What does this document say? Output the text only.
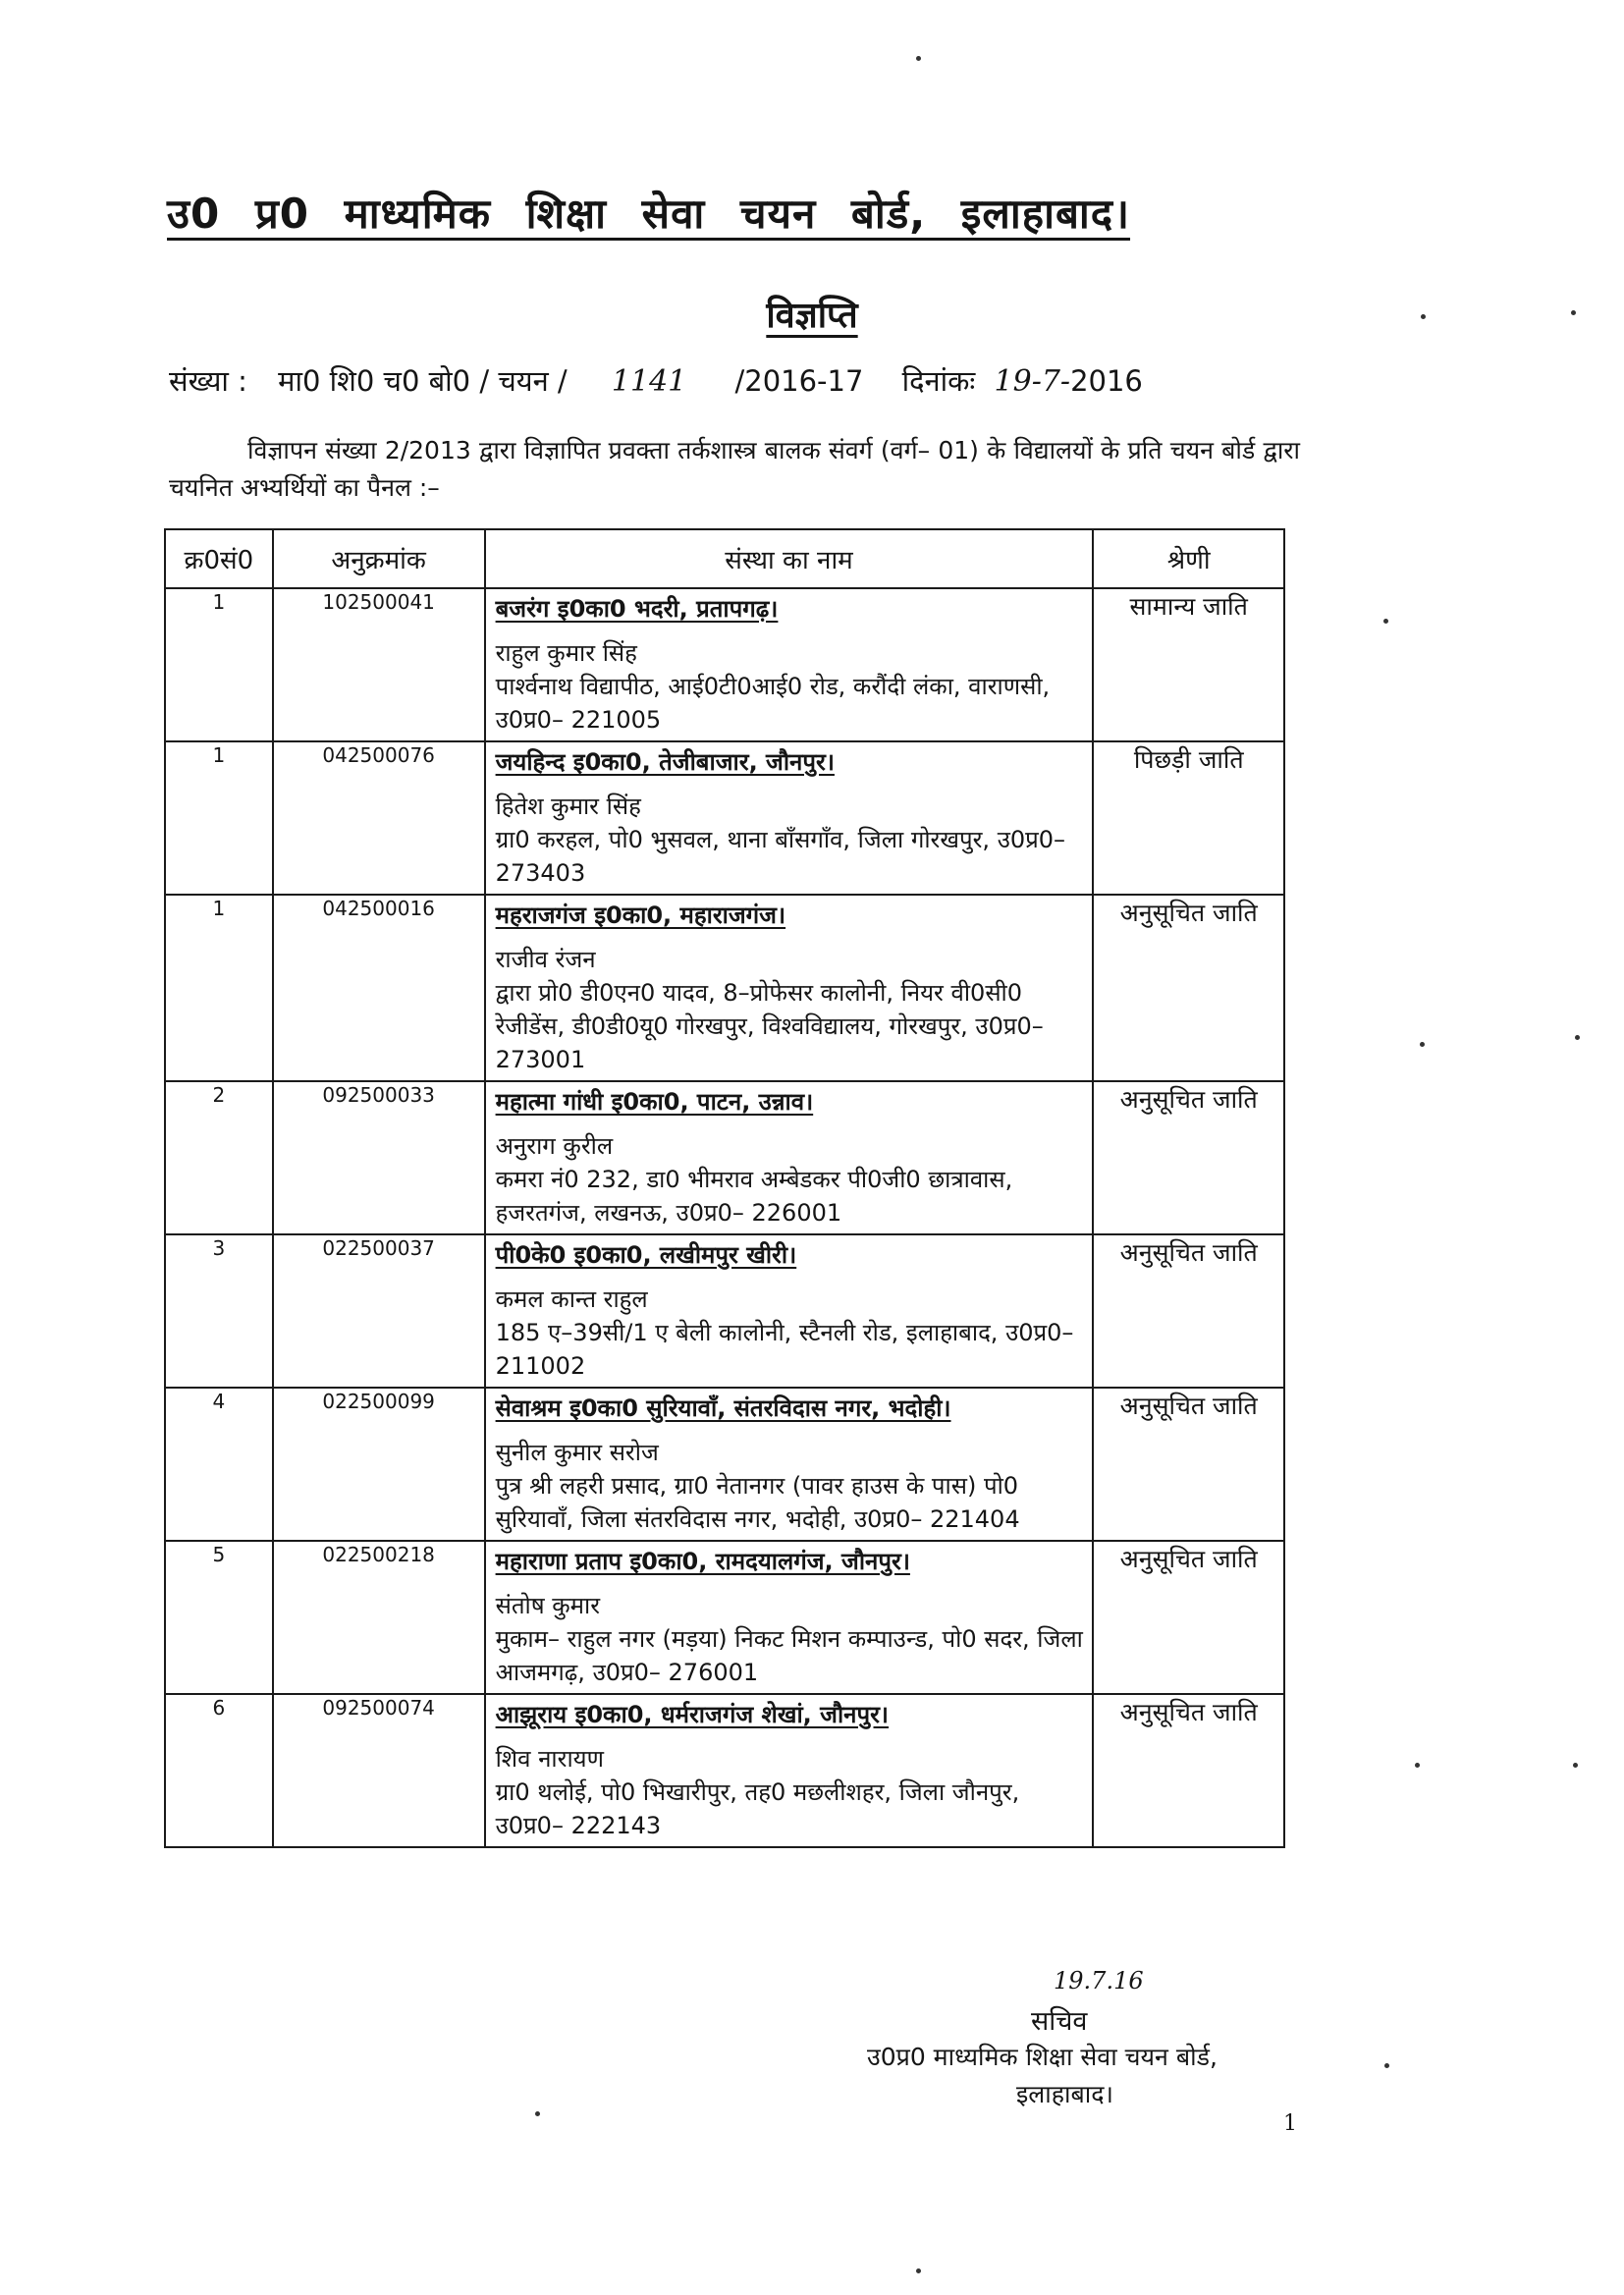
उ0 प्र0 माध्यमिक शिक्षा सेवा चयन बोर्ड, इलाहाबाद।
विज्ञप्ति
संख्या : मा0 शि0 च0 बो0 / चयन / 1141 /2016-17 दिनांकः 19-7-2016
विज्ञापन संख्या 2/2013 द्वारा विज्ञापित प्रवक्ता तर्कशास्त्र बालक संवर्ग (वर्ग– 01) के विद्यालयों के प्रति चयन बोर्ड द्वारा चयनित अभ्यर्थियों का पैनल :–
क्र0सं0	अनुक्रमांक	संस्था का नाम	श्रेणी
1	102500041	बजरंग इ0का0 भदरी, प्रतापगढ़।
राहुल कुमार सिंह
पार्श्वनाथ विद्यापीठ, आई0टी0आई0 रोड, करौंदी लंका, वाराणसी, उ0प्र0– 221005	सामान्य जाति
1	042500076	जयहिन्द इ0का0, तेजीबाजार, जौनपुर।
हितेश कुमार सिंह
ग्रा0 करहल, पो0 भुसवल, थाना बाँसगाँव, जिला गोरखपुर, उ0प्र0– 273403	पिछड़ी जाति
1	042500016	महराजगंज इ0का0, महाराजगंज।
राजीव रंजन
द्वारा प्रो0 डी0एन0 यादव, 8–प्रोफेसर कालोनी, नियर वी0सी0 रेजीडेंस, डी0डी0यू0 गोरखपुर, विश्वविद्यालय, गोरखपुर, उ0प्र0– 273001	अनुसूचित जाति
2	092500033	महात्मा गांधी इ0का0, पाटन, उन्नाव।
अनुराग कुरील
कमरा नं0 232, डा0 भीमराव अम्बेडकर पी0जी0 छात्रावास, हजरतगंज, लखनऊ, उ0प्र0– 226001	अनुसूचित जाति
3	022500037	पी0के0 इ0का0, लखीमपुर खीरी।
कमल कान्त राहुल
185 ए–39सी/1 ए बेली कालोनी, स्टैनली रोड, इलाहाबाद, उ0प्र0– 211002	अनुसूचित जाति
4	022500099	सेवाश्रम इ0का0 सुरियावाँ, संतरविदास नगर, भदोही।
सुनील कुमार सरोज
पुत्र श्री लहरी प्रसाद, ग्रा0 नेतानगर (पावर हाउस के पास) पो0 सुरियावाँ, जिला संतरविदास नगर, भदोही, उ0प्र0– 221404	अनुसूचित जाति
5	022500218	महाराणा प्रताप इ0का0, रामदयालगंज, जौनपुर।
संतोष कुमार
मुकाम– राहुल नगर (मड़या) निकट मिशन कम्पाउन्ड, पो0 सदर, जिला आजमगढ़, उ0प्र0– 276001	अनुसूचित जाति
6	092500074	आझूराय इ0का0, धर्मराजगंज शेखां, जौनपुर।
शिव नारायण
ग्रा0 थलोई, पो0 भिखारीपुर, तह0 मछलीशहर, जिला जौनपुर, उ0प्र0– 222143	अनुसूचित जाति
19.7.16
सचिव
उ0प्र0 माध्यमिक शिक्षा सेवा चयन बोर्ड,
इलाहाबाद।
1
